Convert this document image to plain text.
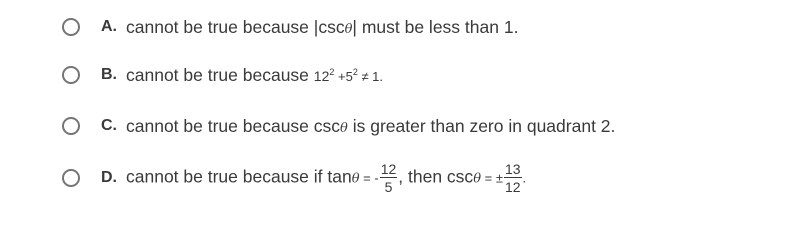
A. cannot be true because |cscθ| must be less than 1.
B. cannot be true because $12^2 +5^2 \ne 1$.
C. cannot be true because cscθ is greater than zero in quadrant 2.
D. cannot be true because if tanθ = - $\frac{12}{5}$ , then cscθ = ± $\frac{13}{12}$ .
